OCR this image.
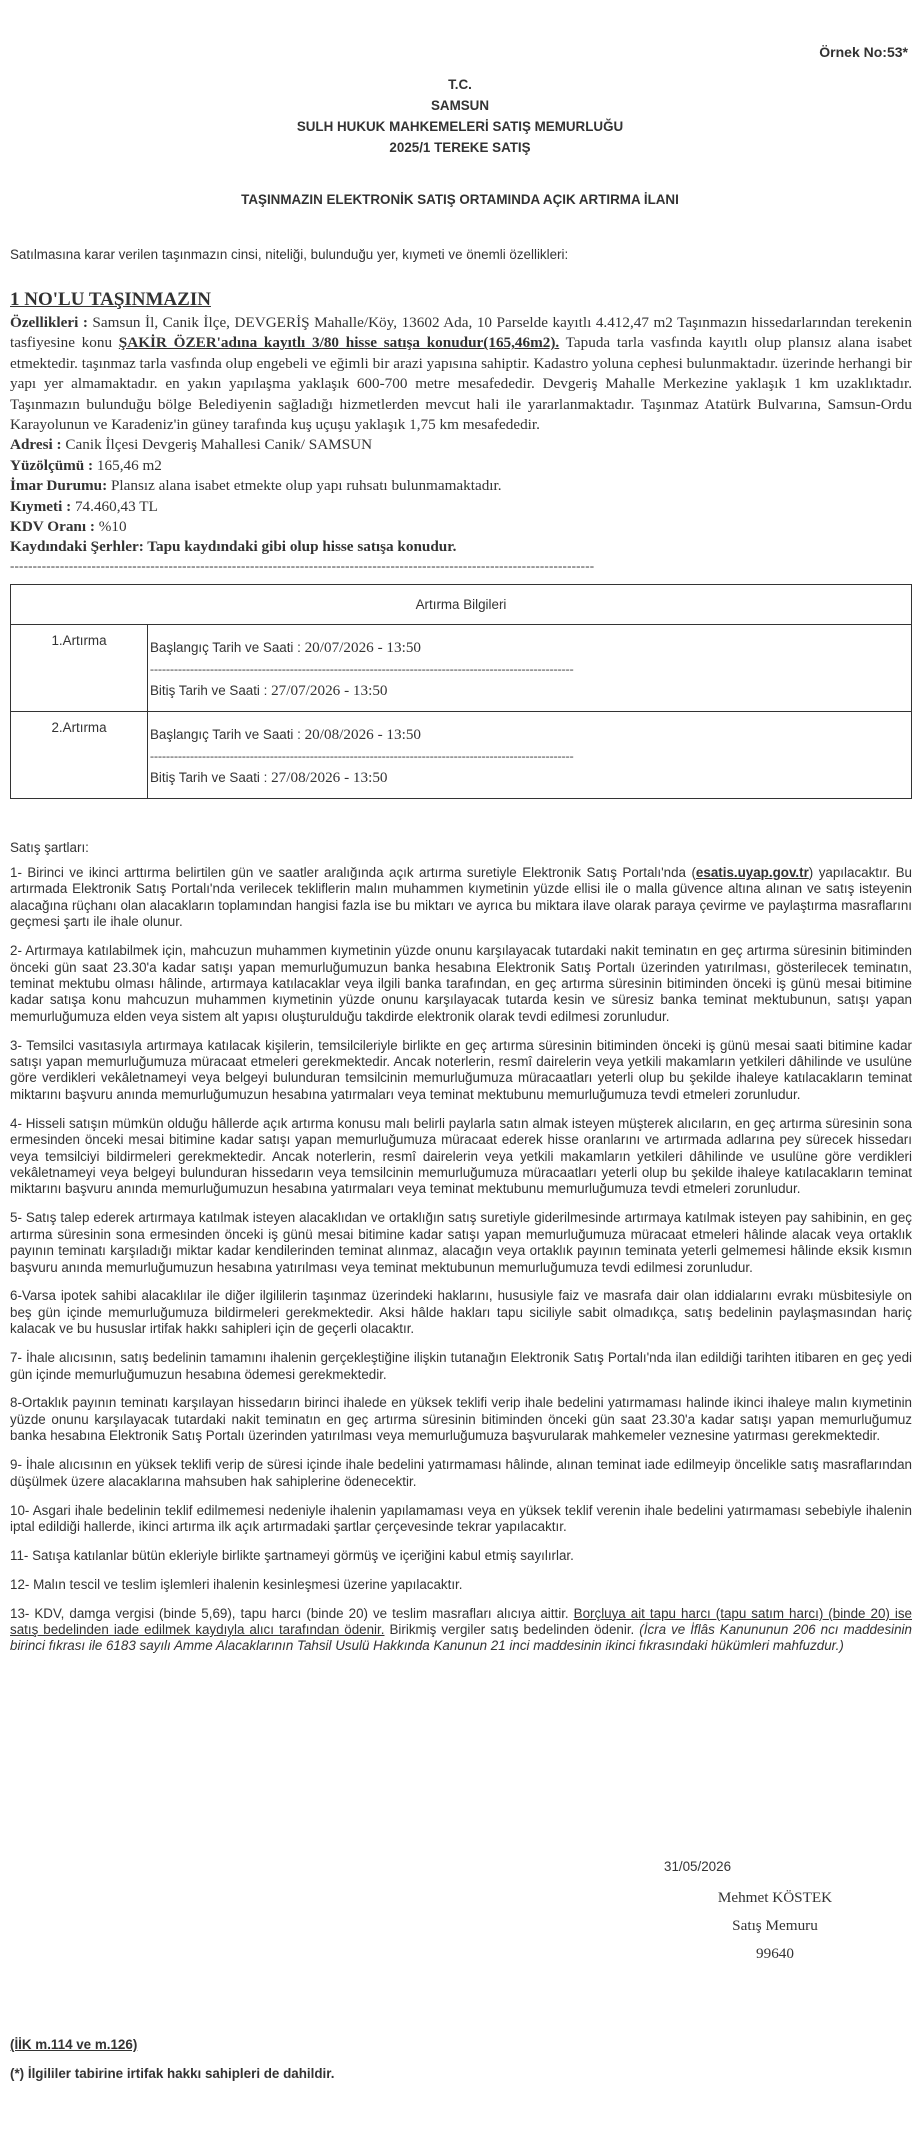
Örnek No:53*
T.C.
SAMSUN
SULH HUKUK MAHKEMELERİ SATIŞ MEMURLUĞU
2025/1 TEREKE SATIŞ
TAŞINMAZIN ELEKTRONİK SATIŞ ORTAMINDA AÇIK ARTIRMA İLANI
Satılmasına karar verilen taşınmazın cinsi, niteliği, bulunduğu yer, kıymeti ve önemli özellikleri:
1 NO'LU TAŞINMAZIN
Özellikleri : Samsun İl, Canik İlçe, DEVGERİŞ Mahalle/Köy, 13602 Ada, 10 Parselde kayıtlı 4.412,47 m2 Taşınmazın hissedarlarından terekenin tasfiyesine konu ŞAKİR ÖZER'adına kayıtlı 3/80 hisse satışa konudur(165,46m2). Tapuda tarla vasfında kayıtlı olup plansız alana isabet etmektedir. taşınmaz tarla vasfında olup engebeli ve eğimli bir arazi yapısına sahiptir. Kadastro yoluna cephesi bulunmaktadır. üzerinde herhangi bir yapı yer almamaktadır. en yakın yapılaşma yaklaşık 600-700 metre mesafededir. Devgeriş Mahalle Merkezine yaklaşık 1 km uzaklıktadır. Taşınmazın bulunduğu bölge Belediyenin sağladığı hizmetlerden mevcut hali ile yararlanmaktadır. Taşınmaz Atatürk Bulvarına, Samsun-Ordu Karayolunun ve Karadeniz'in güney tarafında kuş uçuşu yaklaşık 1,75 km mesafededir.
Adresi : Canik İlçesi Devgeriş Mahallesi Canik/ SAMSUN
Yüzölçümü : 165,46 m2
İmar Durumu: Plansız alana isabet etmekte olup yapı ruhsatı bulunmamaktadır.
Kıymeti : 74.460,43 TL
KDV Oranı : %10
Kaydındaki Şerhler: Tapu kaydındaki gibi olup hisse satışa konudur.
---------------------------------------------------------------------------------------------------------------------------------
Artırma Bilgileri	
1.Artırma	Başlangıç Tarih ve Saati : 20/07/2026 - 13:50
----------------------------------------------------------------------------------------------------------
Bitiş Tarih ve Saati : 27/07/2026 - 13:50

2.Artırma	Başlangıç Tarih ve Saati : 20/08/2026 - 13:50
----------------------------------------------------------------------------------------------------------
Bitiş Tarih ve Saati : 27/08/2026 - 13:50
Satış şartları:

1- Birinci ve ikinci arttırma belirtilen gün ve saatler aralığında açık artırma suretiyle Elektronik Satış Portalı'nda (esatis.uyap.gov.tr) yapılacaktır. Bu artırmada Elektronik Satış Portalı'nda verilecek tekliflerin malın muhammen kıymetinin yüzde ellisi ile o malla güvence altına alınan ve satış isteyenin alacağına rüçhanı olan alacakların toplamından hangisi fazla ise bu miktarı ve ayrıca bu miktara ilave olarak paraya çevirme ve paylaştırma masraflarını geçmesi şartı ile ihale olunur.

2- Artırmaya katılabilmek için, mahcuzun muhammen kıymetinin yüzde onunu karşılayacak tutardaki nakit teminatın en geç artırma süresinin bitiminden önceki gün saat 23.30'a kadar satışı yapan memurluğumuzun banka hesabına Elektronik Satış Portalı üzerinden yatırılması, gösterilecek teminatın, teminat mektubu olması hâlinde, artırmaya katılacaklar veya ilgili banka tarafından, en geç artırma süresinin bitiminden önceki iş günü mesai bitimine kadar satışa konu mahcuzun muhammen kıymetinin yüzde onunu karşılayacak tutarda kesin ve süresiz banka teminat mektubunun, satışı yapan memurluğumuza elden veya sistem alt yapısı oluşturulduğu takdirde elektronik olarak tevdi edilmesi zorunludur.

3- Temsilci vasıtasıyla artırmaya katılacak kişilerin, temsilcileriyle birlikte en geç artırma süresinin bitiminden önceki iş günü mesai saati bitimine kadar satışı yapan memurluğumuza müracaat etmeleri gerekmektedir. Ancak noterlerin, resmî dairelerin veya yetkili makamların yetkileri dâhilinde ve usulüne göre verdikleri vekâletnameyi veya belgeyi bulunduran temsilcinin memurluğumuza müracaatları yeterli olup bu şekilde ihaleye katılacakların teminat miktarını başvuru anında memurluğumuzun hesabına yatırmaları veya teminat mektubunu memurluğumuza tevdi etmeleri zorunludur.

4- Hisseli satışın mümkün olduğu hâllerde açık artırma konusu malı belirli paylarla satın almak isteyen müşterek alıcıların, en geç artırma süresinin sona ermesinden önceki mesai bitimine kadar satışı yapan memurluğumuza müracaat ederek hisse oranlarını ve artırmada adlarına pey sürecek hissedarı veya temsilciyi bildirmeleri gerekmektedir. Ancak noterlerin, resmî dairelerin veya yetkili makamların yetkileri dâhilinde ve usulüne göre verdikleri vekâletnameyi veya belgeyi bulunduran hissedarın veya temsilcinin memurluğumuza müracaatları yeterli olup bu şekilde ihaleye katılacakların teminat miktarını başvuru anında memurluğumuzun hesabına yatırmaları veya teminat mektubunu memurluğumuza tevdi etmeleri zorunludur.

5- Satış talep ederek artırmaya katılmak isteyen alacaklıdan ve ortaklığın satış suretiyle giderilmesinde artırmaya katılmak isteyen pay sahibinin, en geç artırma süresinin sona ermesinden önceki iş günü mesai bitimine kadar satışı yapan memurluğumuza müracaat etmeleri hâlinde alacak veya ortaklık payının teminatı karşıladığı miktar kadar kendilerinden teminat alınmaz, alacağın veya ortaklık payının teminata yeterli gelmemesi hâlinde eksik kısmın başvuru anında memurluğumuzun hesabına yatırılması veya teminat mektubunun memurluğumuza tevdi edilmesi zorunludur.

6-Varsa ipotek sahibi alacaklılar ile diğer ilgililerin taşınmaz üzerindeki haklarını, hususiyle faiz ve masrafa dair olan iddialarını evrakı müsbitesiyle on beş gün içinde memurluğumuza bildirmeleri gerekmektedir. Aksi hâlde hakları tapu siciliyle sabit olmadıkça, satış bedelinin paylaşmasından hariç kalacak ve bu hususlar irtifak hakkı sahipleri için de geçerli olacaktır.

7- İhale alıcısının, satış bedelinin tamamını ihalenin gerçekleştiğine ilişkin tutanağın Elektronik Satış Portalı'nda ilan edildiği tarihten itibaren en geç yedi gün içinde memurluğumuzun hesabına ödemesi gerekmektedir.

8-Ortaklık payının teminatı karşılayan hissedarın birinci ihalede en yüksek teklifi verip ihale bedelini yatırmaması halinde ikinci ihaleye malın kıymetinin yüzde onunu karşılayacak tutardaki nakit teminatın en geç artırma süresinin bitiminden önceki gün saat 23.30'a kadar satışı yapan memurluğumuz banka hesabına Elektronik Satış Portalı üzerinden yatırılması veya memurluğumuza başvurularak mahkemeler veznesine yatırması gerekmektedir.

9- İhale alıcısının en yüksek teklifi verip de süresi içinde ihale bedelini yatırmaması hâlinde, alınan teminat iade edilmeyip öncelikle satış masraflarından düşülmek üzere alacaklarına mahsuben hak sahiplerine ödenecektir.

10- Asgari ihale bedelinin teklif edilmemesi nedeniyle ihalenin yapılamaması veya en yüksek teklif verenin ihale bedelini yatırmaması sebebiyle ihalenin iptal edildiği hallerde, ikinci artırma ilk açık artırmadaki şartlar çerçevesinde tekrar yapılacaktır.

11- Satışa katılanlar bütün ekleriyle birlikte şartnameyi görmüş ve içeriğini kabul etmiş sayılırlar.

12- Malın tescil ve teslim işlemleri ihalenin kesinleşmesi üzerine yapılacaktır.

13- KDV, damga vergisi (binde 5,69), tapu harcı (binde 20) ve teslim masrafları alıcıya aittir. Borçluya ait tapu harcı (tapu satım harcı) (binde 20) ise satış bedelinden iade edilmek kaydıyla alıcı tarafından ödenir. Birikmiş vergiler satış bedelinden ödenir. (İcra ve İflâs Kanununun 206 ncı maddesinin birinci fıkrası ile 6183 sayılı Amme Alacaklarının Tahsil Usulü Hakkında Kanunun 21 inci maddesinin ikinci fıkrasındaki hükümleri mahfuzdur.)

31/05/2026
Mehmet KÖSTEK
Satış Memuru
99640
(İİK m.114 ve m.126)
(*) İlgililer tabirine irtifak hakkı sahipleri de dahildir.
